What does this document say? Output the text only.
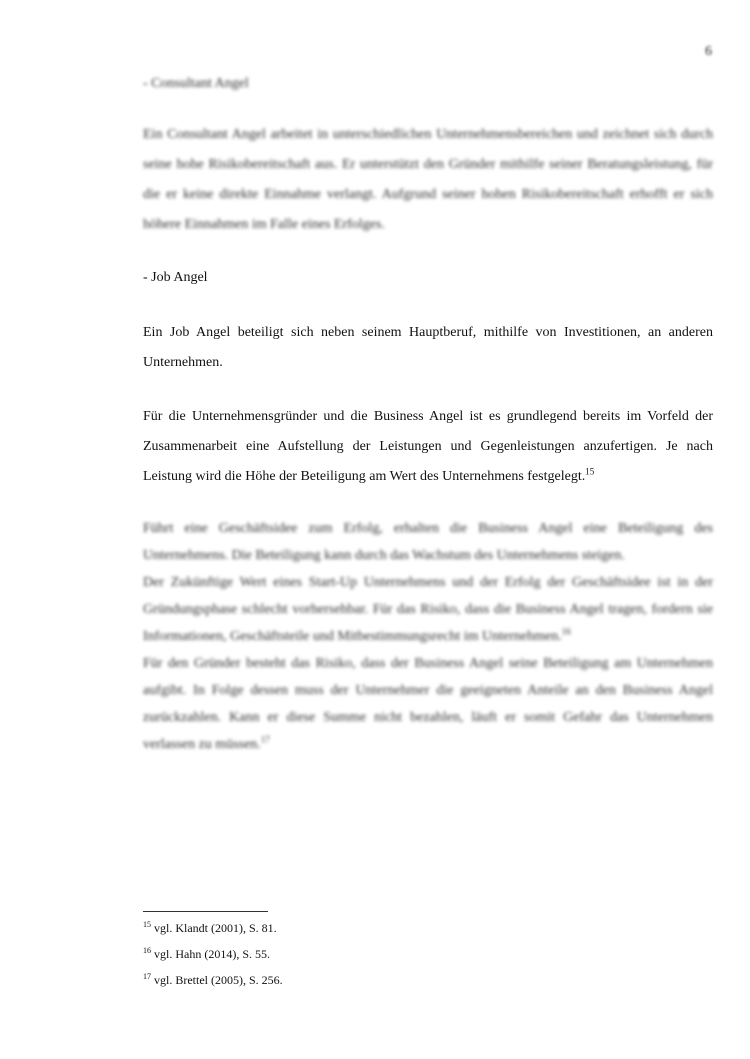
6
- Consultant Angel
Ein Consultant Angel arbeitet in unterschiedlichen Unternehmensbereichen und zeichnet sich durch seine hohe Risikobereitschaft aus. Er unterstützt den Gründer mithilfe seiner Beratungsleistung, für die er keine direkte Einnahme verlangt. Aufgrund seiner hohen Risikobereitschaft erhofft er sich höhere Einnahmen im Falle eines Erfolges.
- Job Angel
Ein Job Angel beteiligt sich neben seinem Hauptberuf, mithilfe von Investitionen, an anderen Unternehmen.
Für die Unternehmensgründer und die Business Angel ist es grundlegend bereits im Vorfeld der Zusammenarbeit eine Aufstellung der Leistungen und Gegenleistungen anzufertigen. Je nach Leistung wird die Höhe der Beteiligung am Wert des Unternehmens festgelegt.$^{15}$
Führt eine Geschäftsidee zum Erfolg, erhalten die Business Angel eine Beteiligung des Unternehmens. Die Beteiligung kann durch das Wachstum des Unternehmens steigen.
Der Zukünftige Wert eines Start-Up Unternehmens und der Erfolg der Geschäftsidee ist in der Gründungsphase schlecht vorhersehbar. Für das Risiko, dass die Business Angel tragen, fordern sie Informationen, Geschäftsteile und Mitbestimmungsrecht im Unternehmen.$^{16}$
Für den Gründer besteht das Risiko, dass der Business Angel seine Beteiligung am Unternehmen aufgibt. In Folge dessen muss der Unternehmer die geeigneten Anteile an den Business Angel zurückzahlen. Kann er diese Summe nicht bezahlen, läuft er somit Gefahr das Unternehmen verlassen zu müssen.$^{17}$
$^{15}$ vgl. Klandt (2001), S. 81.
$^{16}$ vgl. Hahn (2014), S. 55.
$^{17}$ vgl. Brettel (2005), S. 256.
